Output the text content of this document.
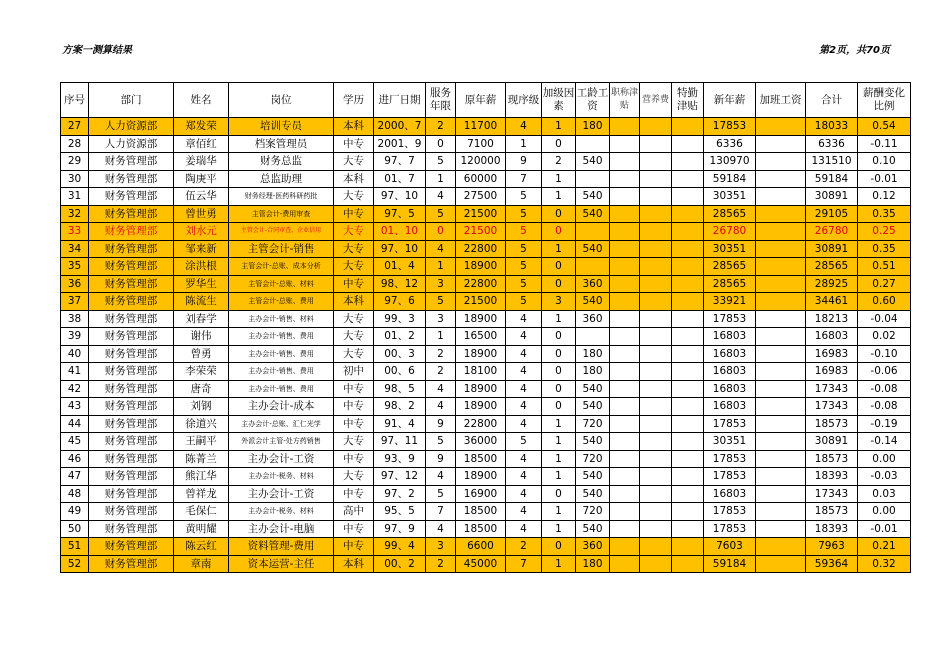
方案一测算结果	第2页，共70页
序号	部门	姓名	岗位	学历	进厂日期	服务年限	原年薪	现序级	加级因素	工龄工资	职称津贴	营养费	特勤津贴	新年薪	加班工资	合计	薪酬变化比例
27	人力资源部	郑发荣	培训专员	本科	2000、7	2	11700	4	1	180				17853		18033	0.54
28	人力资源部	章佰红	档案管理员	中专	2001、9	0	7100	1	0					6336		6336	-0.11
29	财务管理部	姜瑞华	财务总监	大专	97、7	5	120000	9	2	540				130970		131510	0.10
30	财务管理部	陶庚平	总监助理	本科	01、7	1	60000	7	1					59184		59184	-0.01
31	财务管理部	伍云华	财务经理-医药科研药批	大专	97、10	4	27500	5	1	540				30351		30891	0.12
32	财务管理部	曾世勇	主管会计-费用审查	中专	97、5	5	21500	5	0	540				28565		29105	0.35
33	财务管理部	刘水元	主管会计-合同审查、企业信用	大专	01、10	0	21500	5	0					26780		26780	0.25
34	财务管理部	邹来新	主管会计-销售	大专	97、10	4	22800	5	1	540				30351		30891	0.35
35	财务管理部	涂洪根	主管会计-总账、成本分析	大专	01、4	1	18900	5	0					28565		28565	0.51
36	财务管理部	罗华生	主管会计-总账、材料	中专	98、12	3	22800	5	0	360				28565		28925	0.27
37	财务管理部	陈流生	主管会计-总账、费用	本科	97、6	5	21500	5	3	540				33921		34461	0.60
38	财务管理部	刘春学	主办会计-销售、材料	大专	99、3	3	18900	4	1	360				17853		18213	-0.04
39	财务管理部	谢伟	主办会计-销售、费用	大专	01、2	1	16500	4	0					16803		16803	0.02
40	财务管理部	曾勇	主办会计-销售、费用	大专	00、3	2	18900	4	0	180				16803		16983	-0.10
41	财务管理部	李荣荣	主办会计-销售、费用	初中	00、6	2	18100	4	0	180				16803		16983	-0.06
42	财务管理部	唐奇	主办会计-销售、费用	中专	98、5	4	18900	4	0	540				16803		17343	-0.08
43	财务管理部	刘钢	主办会计-成本	中专	98、2	4	18900	4	0	540				16803		17343	-0.08
44	财务管理部	徐道兴	主办会计-总账、汇仁光学	中专	91、4	9	22800	4	1	720				17853		18573	-0.19
45	财务管理部	王嗣平	外派会计主管-处方药销售	大专	97、11	5	36000	5	1	540				30351		30891	-0.14
46	财务管理部	陈菁兰	主办会计-工资	中专	93、9	9	18500	4	1	720				17853		18573	0.00
47	财务管理部	熊江华	主办会计-税务、材料	大专	97、12	4	18900	4	1	540				17853		18393	-0.03
48	财务管理部	曾祥龙	主办会计-工资	中专	97、2	5	16900	4	0	540				16803		17343	0.03
49	财务管理部	毛保仁	主办会计-税务、材料	高中	95、5	7	18500	4	1	720				17853		18573	0.00
50	财务管理部	黄明耀	主办会计-电脑	中专	97、9	4	18500	4	1	540				17853		18393	-0.01
51	财务管理部	陈云红	资料管理-费用	中专	99、4	3	6600	2	0	360				7603		7963	0.21
52	财务管理部	章南	资本运营-主任	本科	00、2	2	45000	7	1	180				59184		59364	0.32
